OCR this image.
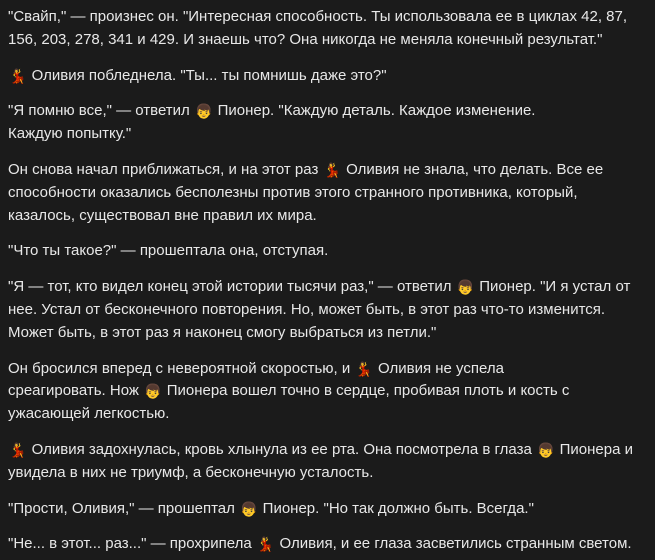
"Свайп," — произнес он. "Интересная способность. Ты использовала ее в циклах 42, 87, 156, 203, 278, 341 и 429. И знаешь что? Она никогда не меняла конечный результат."

💃 Оливия побледнела. "Ты... ты помнишь даже это?"

"Я помню все," — ответил 👦 Пионер. "Каждую деталь. Каждое изменение.
Каждую попытку."

Он снова начал приближаться, и на этот раз 💃 Оливия не знала, что делать. Все ее способности оказались бесполезны против этого странного противника, который, казалось, существовал вне правил их мира.

"Что ты такое?" — прошептала она, отступая.

"Я — тот, кто видел конец этой истории тысячи раз," — ответил 👦 Пионер. "И я устал от нее. Устал от бесконечного повторения. Но, может быть, в этот раз что-то изменится. Может быть, в этот раз я наконец смогу выбраться из петли."

Он бросился вперед с невероятной скоростью, и 💃 Оливия не успела
среагировать. Нож 👦 Пионера вошел точно в сердце, пробивая плоть и кость с ужасающей легкостью.

💃 Оливия задохнулась, кровь хлынула из ее рта. Она посмотрела в глаза 👦 Пионера и увидела в них не триумф, а бесконечную усталость.

"Прости, Оливия," — прошептал 👦 Пионер. "Но так должно быть. Всегда."

"Не... в этот... раз..." — прохрипела 💃 Оливия, и ее глаза засветились странным светом.
